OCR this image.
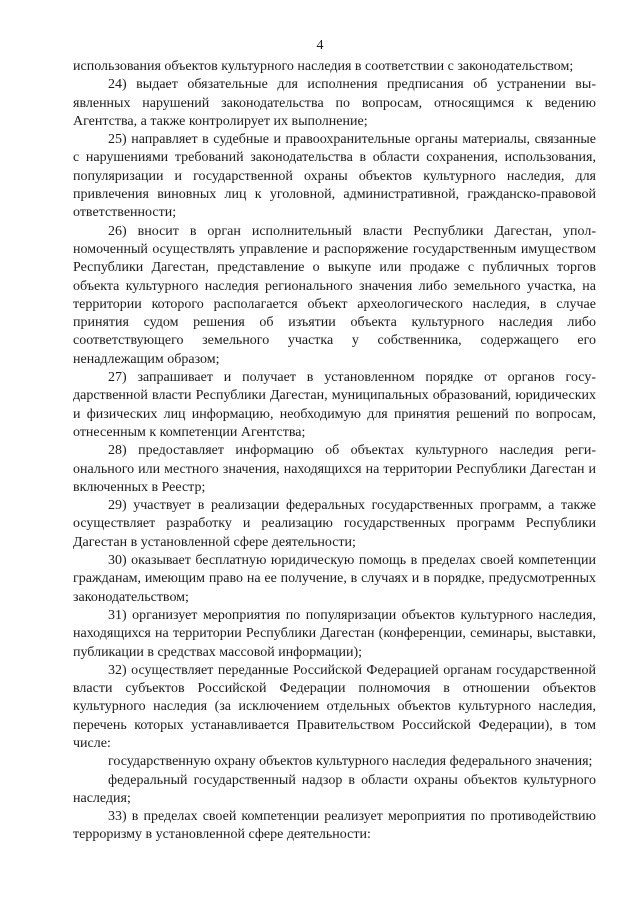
4

использования объектов культурного наследия в соответствии с законодательством;

24) выдает обязательные для исполнения предписания об устранении выявленных нарушений законодательства по вопросам, относящимся к ведению Агентства, а также контролирует их выполнение;

25) направляет в судебные и правоохранительные органы материалы, связанные с нарушениями требований законодательства в области сохранения, использования, популяризации и государственной охраны объектов культурного наследия, для привлечения виновных лиц к уголовной, административной, гражданско-правовой ответственности;

26) вносит в орган исполнительный власти Республики Дагестан, уполномоченный осуществлять управление и распоряжение государственным имуществом Республики Дагестан, представление о выкупе или продаже с публичных торгов объекта культурного наследия регионального значения либо земельного участка, на территории которого располагается объект археологического наследия, в случае принятия судом решения об изъятии объекта культурного наследия либо соответствующего земельного участка у собственника, содержащего его ненадлежащим образом;

27) запрашивает и получает в установленном порядке от органов государственной власти Республики Дагестан, муниципальных образований, юридических и физических лиц информацию, необходимую для принятия решений по вопросам, отнесенным к компетенции Агентства;

28) предоставляет информацию об объектах культурного наследия регионального или местного значения, находящихся на территории Республики Дагестан и включенных в Реестр;

29) участвует в реализации федеральных государственных программ, а также осуществляет разработку и реализацию государственных программ Республики Дагестан в установленной сфере деятельности;

30) оказывает бесплатную юридическую помощь в пределах своей компетенции гражданам, имеющим право на ее получение, в случаях и в порядке, предусмотренных законодательством;

31) организует мероприятия по популяризации объектов культурного наследия, находящихся на территории Республики Дагестан (конференции, семинары, выставки, публикации в средствах массовой информации);

32) осуществляет переданные Российской Федерацией органам государственной власти субъектов Российской Федерации полномочия в отношении объектов культурного наследия (за исключением отдельных объектов культурного наследия, перечень которых устанавливается Правительством Российской Федерации), в том числе:

государственную охрану объектов культурного наследия федерального значения;

федеральный государственный надзор в области охраны объектов культурного наследия;

33) в пределах своей компетенции реализует мероприятия по противодействию терроризму в установленной сфере деятельности:
